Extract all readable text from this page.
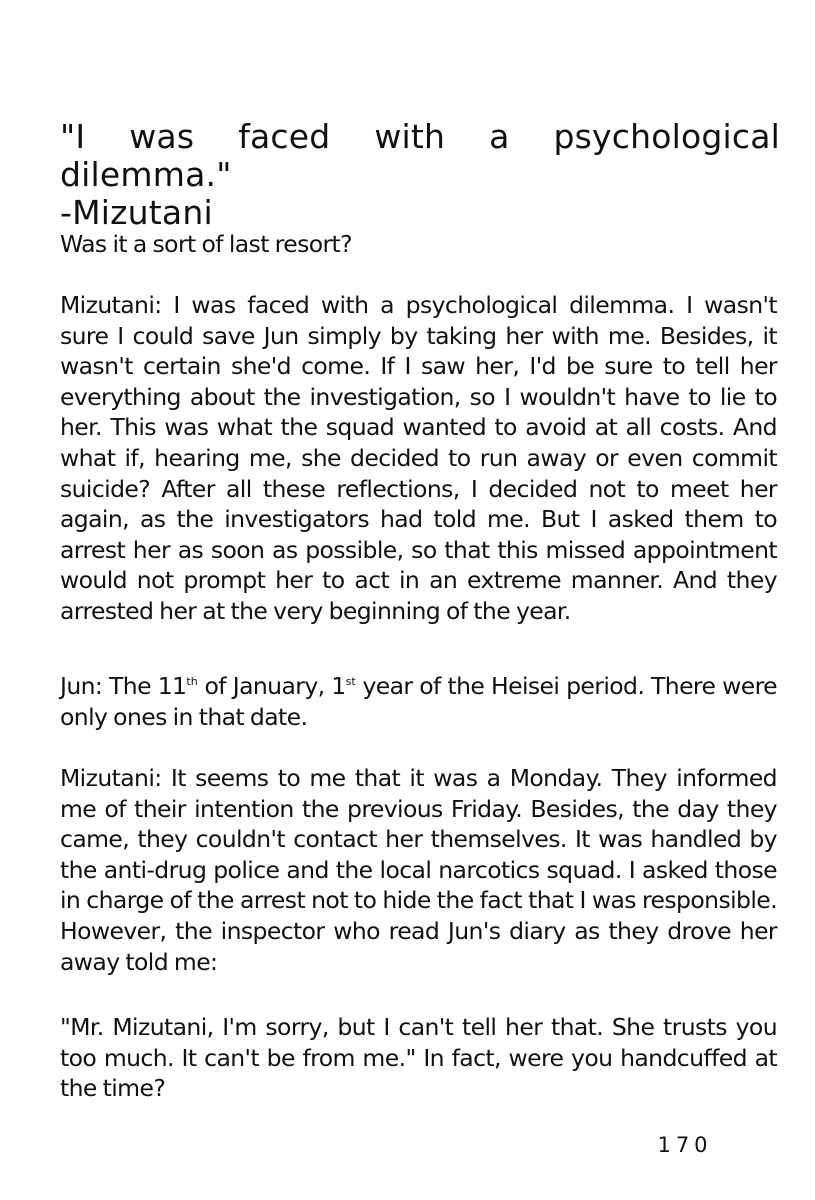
"I was faced with a psychological dilemma."
-Mizutani
Was it a sort of last resort?
Mizutani: I was faced with a psychological dilemma. I wasn't sure I could save Jun simply by taking her with me. Besides, it wasn't certain she'd come. If I saw her, I'd be sure to tell her everything about the investigation, so I wouldn't have to lie to her. This was what the squad wanted to avoid at all costs. And what if, hearing me, she decided to run away or even commit suicide? After all these reflections, I decided not to meet her again, as the investigators had told me. But I asked them to arrest her as soon as possible, so that this missed appointment would not prompt her to act in an extreme manner. And they arrested her at the very beginning of the year.
Jun: The 11th of January, 1st year of the Heisei period. There were only ones in that date.
Mizutani: It seems to me that it was a Monday. They informed me of their intention the previous Friday. Besides, the day they came, they couldn't contact her themselves. It was handled by the anti-drug police and the local narcotics squad. I asked those in charge of the arrest not to hide the fact that I was responsible. However, the inspector who read Jun's diary as they drove her away told me:
"Mr. Mizutani, I'm sorry, but I can't tell her that. She trusts you too much. It can't be from me." In fact, were you handcuffed at the time?
170
